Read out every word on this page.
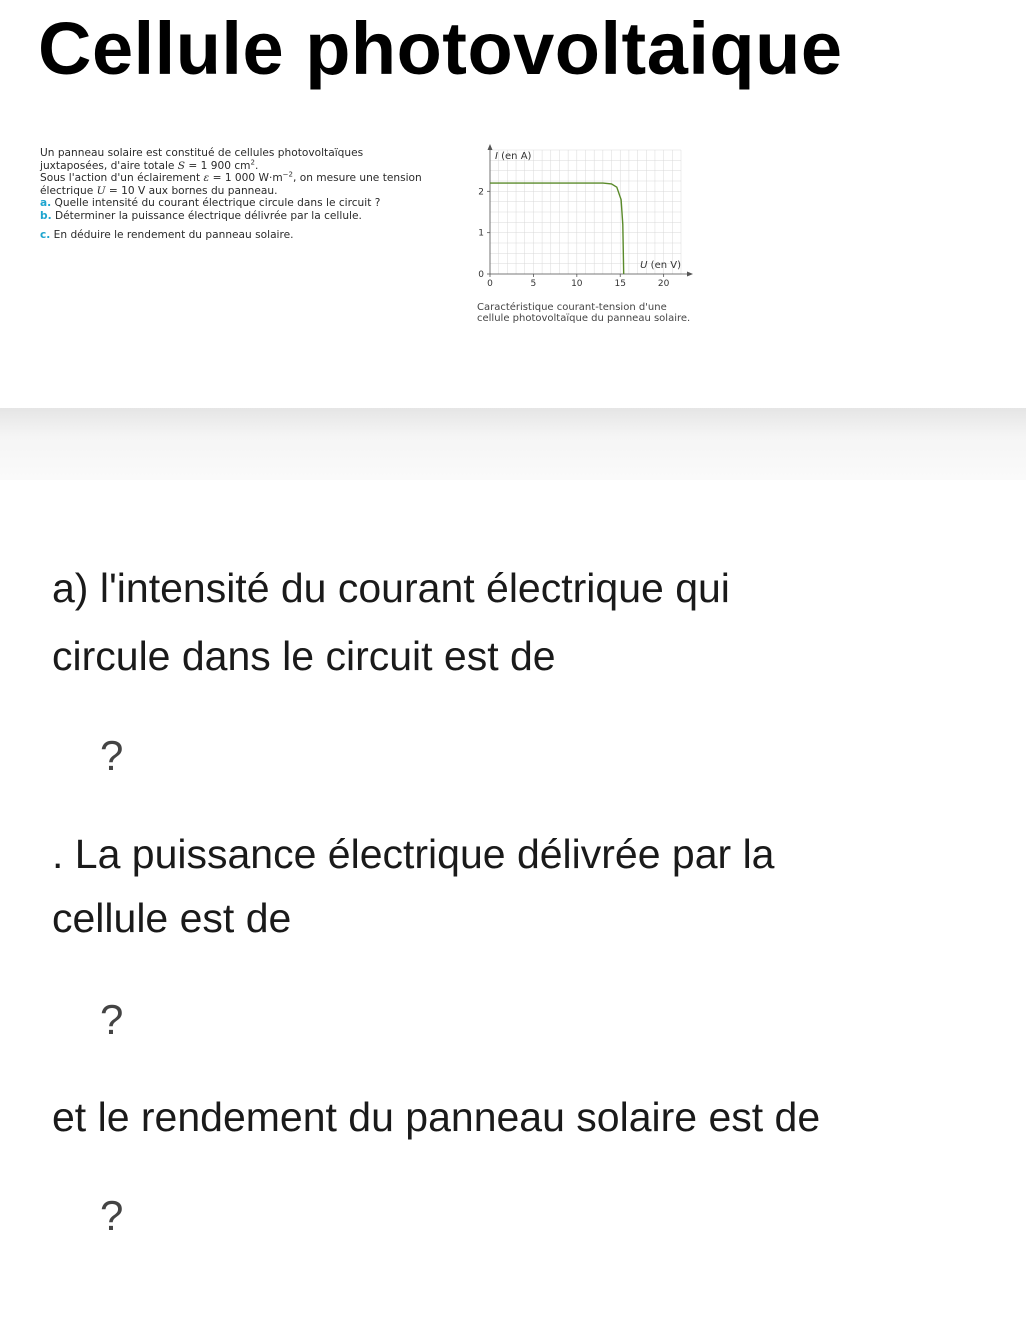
Cellule photovoltaique

Un panneau solaire est constitué de cellules photovoltaïques

juxtaposées, d'aire totale S = 1 900 $cm^2$.

Sous l'action d'un éclairement ε = 1 000 $W\cdot m^{-2}$, on mesure une tension

électrique U = 10 V aux bornes du panneau.

a. Quelle intensité du courant électrique circule dans le circuit ?

b. Déterminer la puissance électrique délivrée par la cellule.

c. En déduire le rendement du panneau solaire.

0	5	10	15	20
0
1
2
I (en A)
U (en V)
Caractéristique courant-tension d'une
cellule photovoltaïque du panneau solaire.
a) l'intensité du courant électrique qui
circule dans le circuit est de
?
. La puissance électrique délivrée par la
cellule est de
?
et le rendement du panneau solaire est de
?
